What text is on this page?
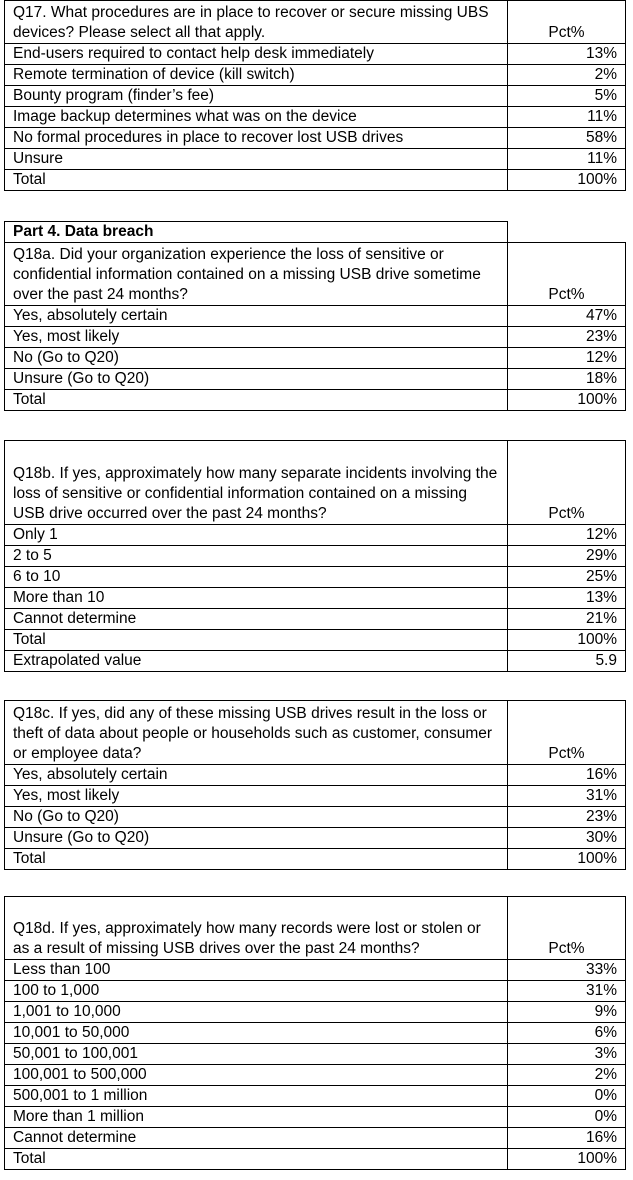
Q17. What procedures are in place to recover or secure missing UBS devices? Please select all that apply.	Pct%
End-users required to contact help desk immediately	13%
Remote termination of device (kill switch)	2%
Bounty program (finder’s fee)	5%
Image backup determines what was on the device	11%
No formal procedures in place to recover lost USB drives	58%
Unsure	11%
Total	100%
Part 4. Data breach	
Q18a. Did your organization experience the loss of sensitive or confidential information contained on a missing USB drive sometime over the past 24 months?	Pct%
Yes, absolutely certain	47%
Yes, most likely	23%
No (Go to Q20)	12%
Unsure (Go to Q20)	18%
Total	100%
Q18b. If yes, approximately how many separate incidents involving the loss of sensitive or confidential information contained on a missing USB drive occurred over the past 24 months?	Pct%
Only 1	12%
2 to 5	29%
6 to 10	25%
More than 10	13%
Cannot determine	21%
Total	100%
Extrapolated value	5.9
Q18c. If yes, did any of these missing USB drives result in the loss or theft of data about people or households such as customer, consumer or employee data?	Pct%
Yes, absolutely certain	16%
Yes, most likely	31%
No (Go to Q20)	23%
Unsure (Go to Q20)	30%
Total	100%
Q18d. If yes, approximately how many records were lost or stolen or as a result of missing USB drives over the past 24 months?	Pct%
Less than 100	33%
100 to 1,000	31%
1,001 to 10,000	9%
10,001 to 50,000	6%
50,001 to 100,001	3%
100,001 to 500,000	2%
500,001 to 1 million	0%
More than 1 million	0%
Cannot determine	16%
Total	100%
